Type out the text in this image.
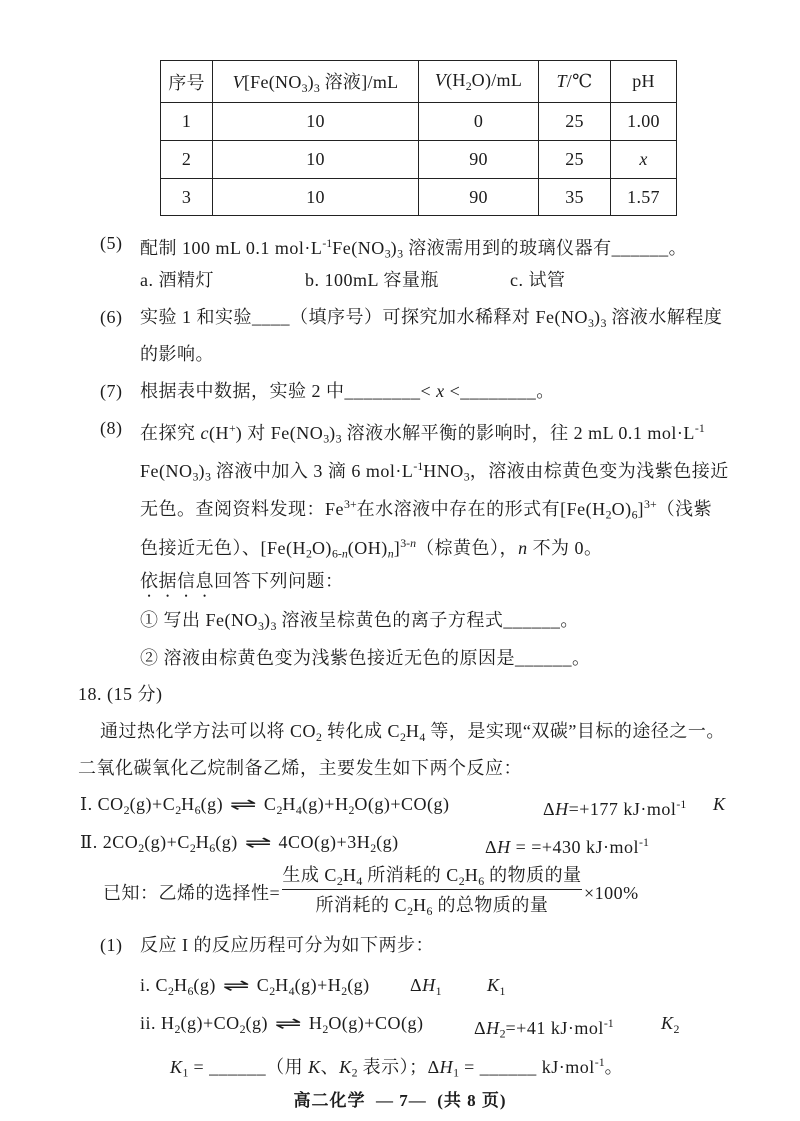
序号	$V[Fe(NO_3)_3$ 溶液]/mL	$V(H_2O)/mL$	T/℃	pH
1	10	0	25	1.00
2	10	90	25	x
3	10	90	35	1.57
(5) 配制 100 mL 0.1 $mol\cdot L^{-1}Fe(NO_3)_3$ 溶液需用到的玻璃仪器有______。
a. 酒精灯	b. 100mL 容量瓶	c. 试管
(6) 实验 1 和实验____（填序号）可探究加水稀释对 $Fe(NO_3)_3$ 溶液水解程度
的影响。
(7) 根据表中数据，实验 2 中________< x <________。
(8) 在探究 c(H+) 对 $Fe(NO_3)_3$ 溶液水解平衡的影响时，往 2 mL 0.1 $mol\cdot L^{-1}$
$Fe(NO_3)_3$ 溶液中加入 3 滴 6 $mol\cdot L^{-1}HNO_3$，溶液由棕黄色变为浅紫色接近
无色。查阅资料发现：$Fe^{3+}$在水溶液中存在的形式有$[Fe(H_2O)_6]^{3+}$（浅紫
色接近无色）、$[Fe(H_2O)_{6-n}(OH)_n]^{3-n}$（棕黄色），n 不为 0。
依据信息回答下列问题：
① 写出 $Fe(NO_3)_3$ 溶液呈棕黄色的离子方程式______。
② 溶液由棕黄色变为浅紫色接近无色的原因是______。
18. (15 分)
通过热化学方法可以将 $CO_2$ 转化成 $C_2H_4$ 等，是实现“双碳”目标的途径之一。
二氧化碳氧化乙烷制备乙烯，主要发生如下两个反应：
Ⅰ. $CO_2(g)+C_2H_6(g)$ ⇌ $C_2H_4(g)+H_2O(g)+CO(g)$	ΔH=+177 kJ·mol$^{-1}$ K
Ⅱ. $2CO_2(g)+C_2H_6(g)$ ⇌ $4CO(g)+3H_2(g)$	ΔH = =+430 kJ·mol$^{-1}$
已知：乙烯的选择性=
生成 $C_2H_4$ 所消耗的 $C_2H_6$ 的物质的量
所消耗的 $C_2H_6$ 的总物质的量
×100%
(1) 反应 I 的反应历程可分为如下两步：
i. $C_2H_6(g)$ ⇌ $C_2H_4(g)+H_2(g)$ $\Delta H_1$	$K_1$
ii. $H_2(g)+CO_2(g)$ ⇌ $H_2O(g)+CO(g)$	$\Delta H_2=+41$ kJ·mol$^{-1}$	$K_2$
$K_1$ = ______（用 K、$K_2$ 表示）；$\Delta H_1$ = ______ kJ·mol$^{-1}$。
高二化学  — 7—  (共 8 页)
